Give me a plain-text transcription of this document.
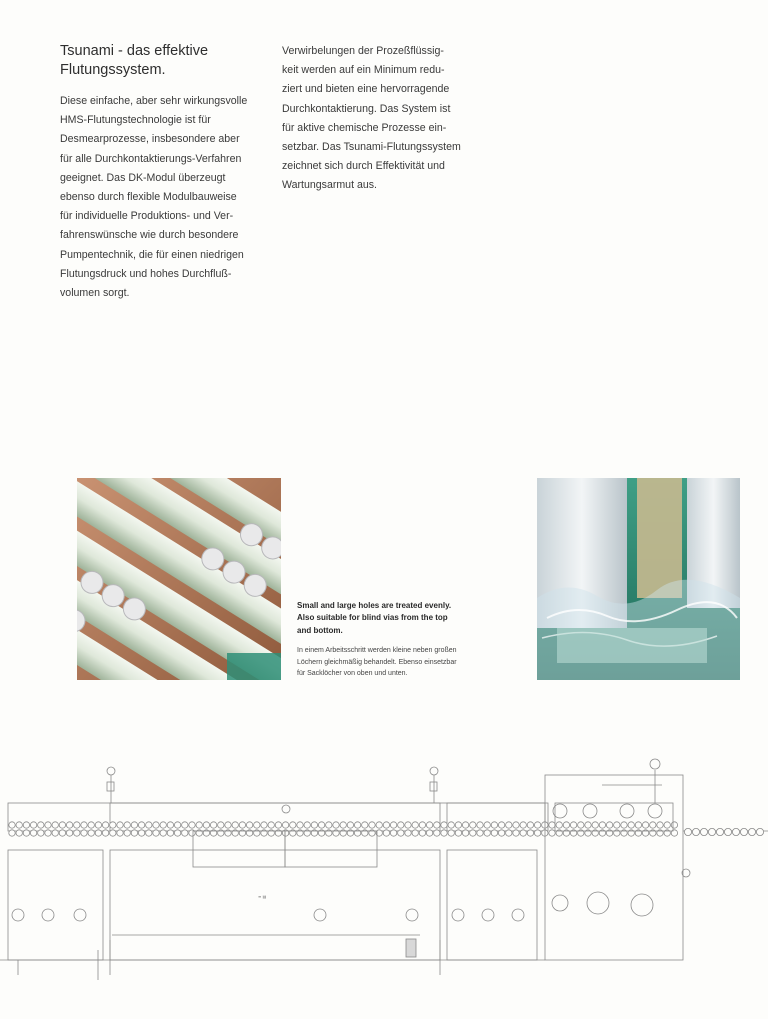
Tsunami - das effektive
Flutungssystem.

Diese einfache, aber sehr wirkungsvolle
HMS-Flutungstechnologie ist für
Desmearprozesse, insbesondere aber
für alle Durchkontaktierungs-Verfahren
geeignet. Das DK-Modul überzeugt
ebenso durch flexible Modulbauweise
für individuelle Produktions- und Ver-
fahrenswünsche wie durch besondere
Pumpentechnik, die für einen niedrigen
Flutungsdruck und hohes Durchfluß-
volumen sorgt.

Verwirbelungen der Prozeßflüssig-
keit werden auf ein Minimum redu-
ziert und bieten eine hervorragende
Durchkontaktierung. Das System ist
für aktive chemische Prozesse ein-
setzbar. Das Tsunami-Flutungssystem
zeichnet sich durch Effektivität und
Wartungsarmut aus.

Small and large holes are treated evenly.
Also suitable for blind vias from the top
and bottom.

In einem Arbeitsschritt werden kleine neben großen
Löchern gleichmäßig behandelt. Ebenso einsetzbar
für Sacklöcher von oben und unten.

≡ ▤
